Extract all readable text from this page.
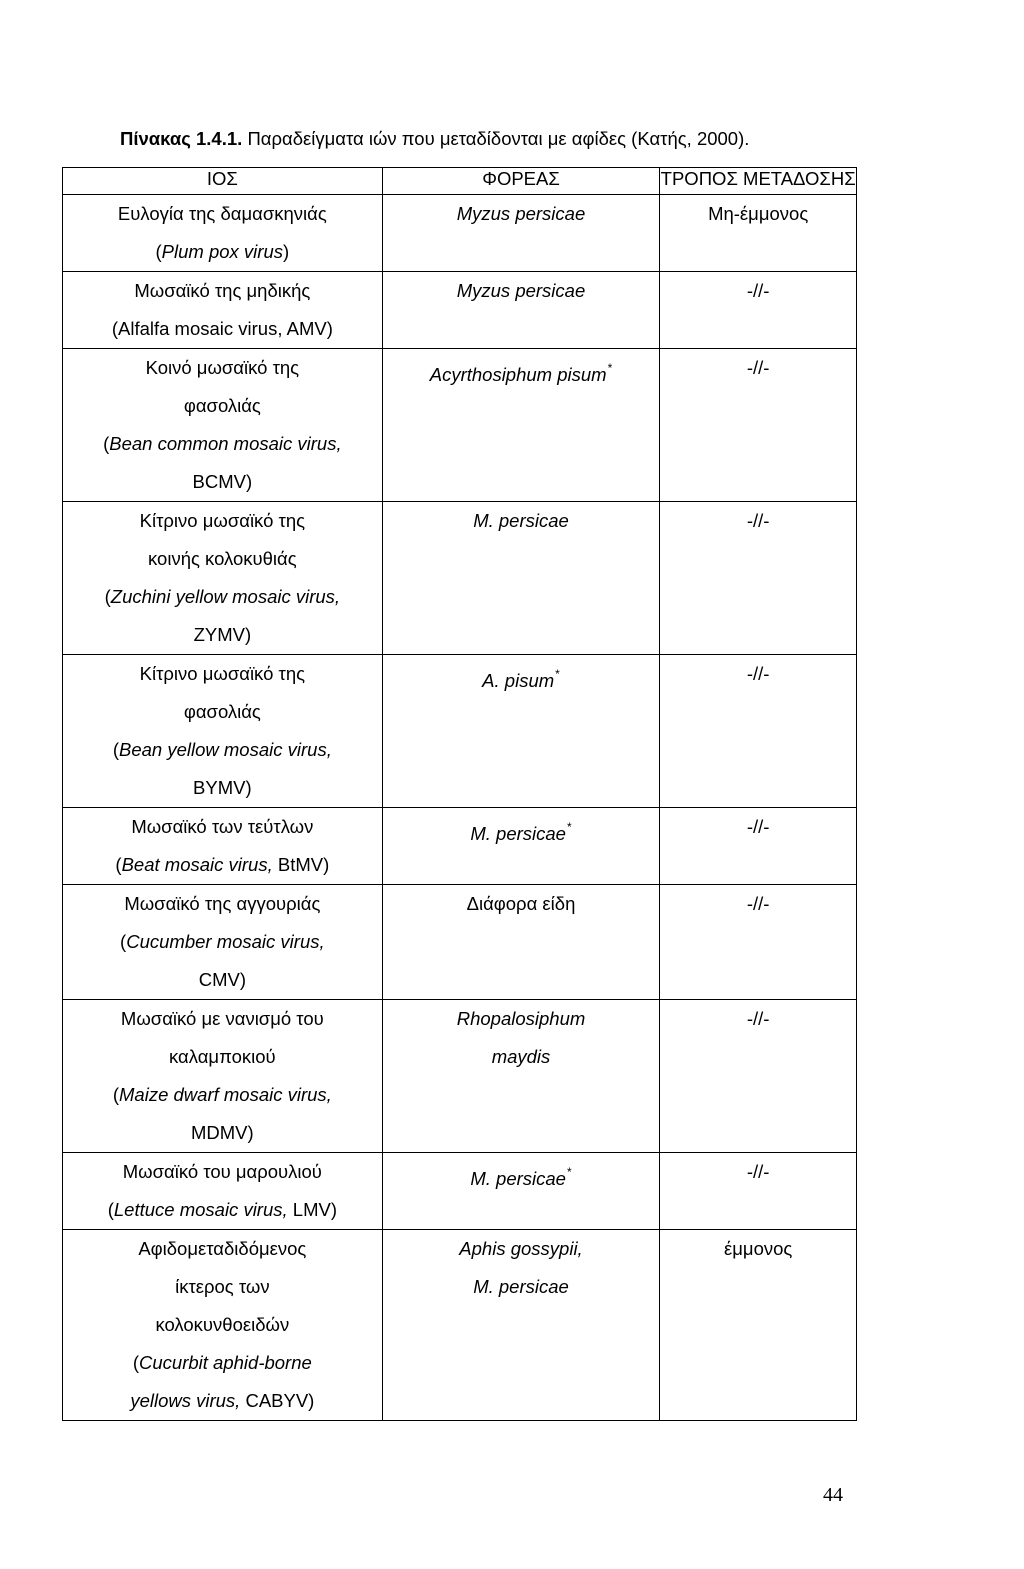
Πίνακας 1.4.1. Παραδείγματα ιών που μεταδίδονται με αφίδες (Κατής, 2000).
ΙΟΣ	ΦΟΡΕΑΣ	ΤΡΟΠΟΣ ΜΕΤΑΔΟΣΗΣ

Ευλογία της δαμασκηνιάς
(Plum pox virus)	Myzus persicae	Μη-έμμονος

Μωσαϊκό της μηδικής
(Alfalfa mosaic virus, AMV)	Myzus persicae	-//-

Κοινό μωσαϊκό της
φασολιάς
(Bean common mosaic virus,
BCMV)	Acyrthosiphum pisum*	-//-

Κίτρινο μωσαϊκό της
κοινής κολοκυθιάς
(Zuchini yellow mosaic virus,
ZYMV)	M. persicae	-//-

Κίτρινο μωσαϊκό της
φασολιάς
(Bean yellow mosaic virus,
BYMV)	A. pisum*	-//-

Μωσαϊκό των τεύτλων
(Beat mosaic virus, BtMV)	M. persicae*	-//-

Μωσαϊκό της αγγουριάς
(Cucumber mosaic virus,
CMV)	Διάφορα είδη	-//-

Μωσαϊκό με νανισμό του
καλαμποκιού
(Maize dwarf mosaic virus,
MDMV)	Rhopalosiphum
maydis	-//-

Μωσαϊκό του μαρουλιού
(Lettuce mosaic virus, LMV)	M. persicae*	-//-

Αφιδομεταδιδόμενος
ίκτερος των
κολοκυνθοειδών
(Cucurbit aphid-borne
yellows virus, CABYV)	Aphis gossypii,
M. persicae	έμμονος
44
